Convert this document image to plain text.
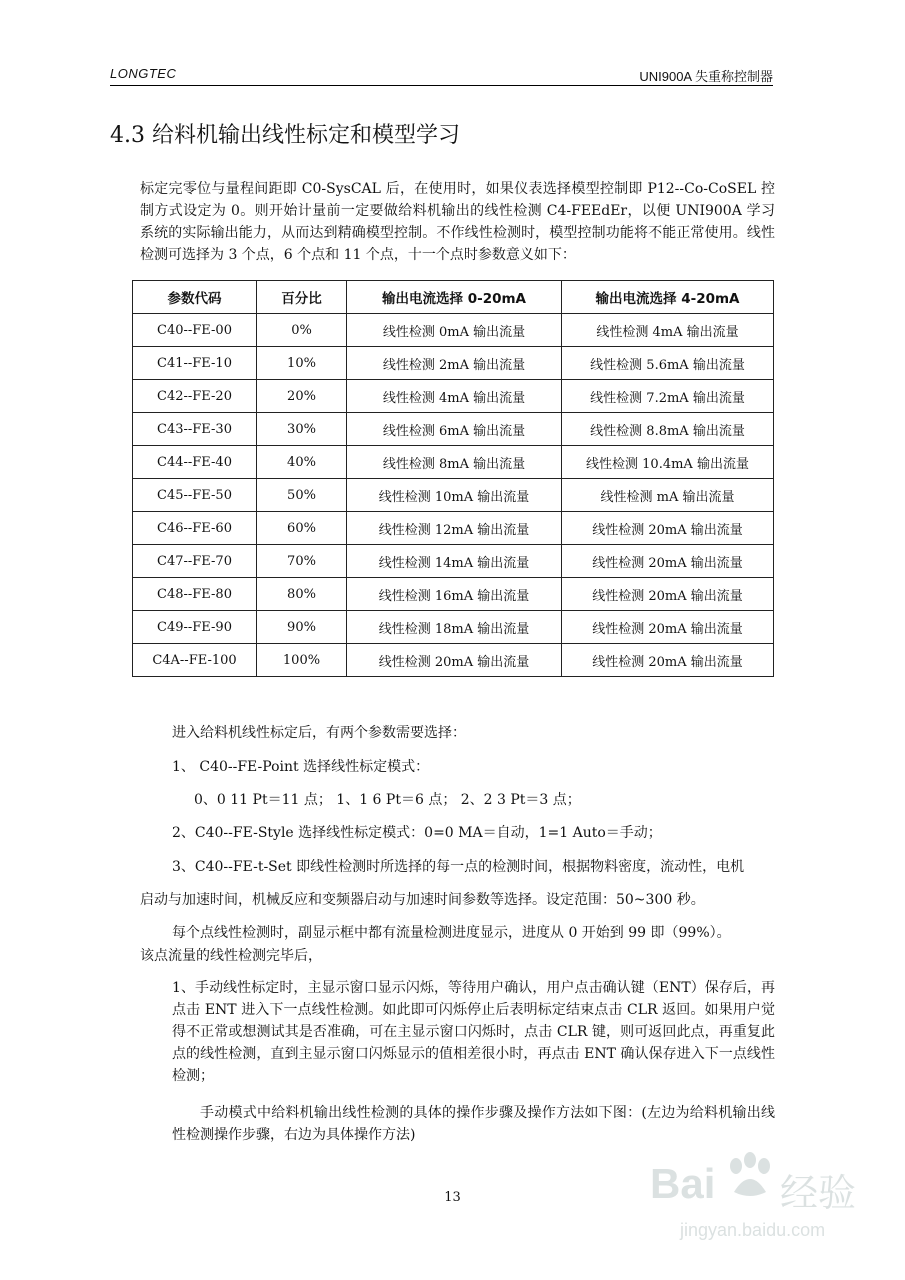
LONGTEC	UNI900A 失重称控制器
4.3 给料机输出线性标定和模型学习
标定完零位与量程间距即 C0-SysCAL 后，在使用时，如果仪表选择模型控制即 P12--Co-CoSEL 控制方式设定为 0。则开始计量前一定要做给料机输出的线性检测 C4-FEEdEr，以便 UNI900A 学习系统的实际输出能力，从而达到精确模型控制。不作线性检测时，模型控制功能将不能正常使用。线性检测可选择为 3 个点，6 个点和 11 个点，十一个点时参数意义如下：
参数代码	百分比	输出电流选择 0-20mA	输出电流选择 4-20mA
C40--FE-00	0%	线性检测 0mA 输出流量	线性检测 4mA 输出流量
C41--FE-10	10%	线性检测 2mA 输出流量	线性检测 5.6mA 输出流量
C42--FE-20	20%	线性检测 4mA 输出流量	线性检测 7.2mA 输出流量
C43--FE-30	30%	线性检测 6mA 输出流量	线性检测 8.8mA 输出流量
C44--FE-40	40%	线性检测 8mA 输出流量	线性检测 10.4mA 输出流量
C45--FE-50	50%	线性检测 10mA 输出流量	线性检测 mA 输出流量
C46--FE-60	60%	线性检测 12mA 输出流量	线性检测 20mA 输出流量
C47--FE-70	70%	线性检测 14mA 输出流量	线性检测 20mA 输出流量
C48--FE-80	80%	线性检测 16mA 输出流量	线性检测 20mA 输出流量
C49--FE-90	90%	线性检测 18mA 输出流量	线性检测 20mA 输出流量
C4A--FE-100	100%	线性检测 20mA 输出流量	线性检测 20mA 输出流量
进入给料机线性标定后，有两个参数需要选择：
1、 C40--FE-Point 选择线性标定模式：
0、0 11 Pt＝11 点； 1、1 6 Pt＝6 点； 2、2 3 Pt＝3 点；
2、C40--FE-Style 选择线性标定模式：0=0 MA＝自动，1=1 Auto＝手动；
3、C40--FE-t-Set 即线性检测时所选择的每一点的检测时间，根据物料密度，流动性，电机
启动与加速时间，机械反应和变频器启动与加速时间参数等选择。设定范围：50~300 秒。
每个点线性检测时，副显示框中都有流量检测进度显示，进度从 0 开始到 99 即（99%）。
该点流量的线性检测完毕后，
1、手动线性标定时，主显示窗口显示闪烁，等待用户确认，用户点击确认键（ENT）保存后，再点击 ENT 进入下一点线性检测。如此即可闪烁停止后表明标定结束点击 CLR 返回。如果用户觉得不正常或想测试其是否准确，可在主显示窗口闪烁时，点击 CLR 键，则可返回此点，再重复此点的线性检测，直到主显示窗口闪烁显示的值相差很小时，再点击 ENT 确认保存进入下一点线性检测；
手动模式中给料机输出线性检测的具体的操作步骤及操作方法如下图：(左边为给料机输出线性检测操作步骤，右边为具体操作方法)
13	Bai 经验
jingyan.baidu.com
